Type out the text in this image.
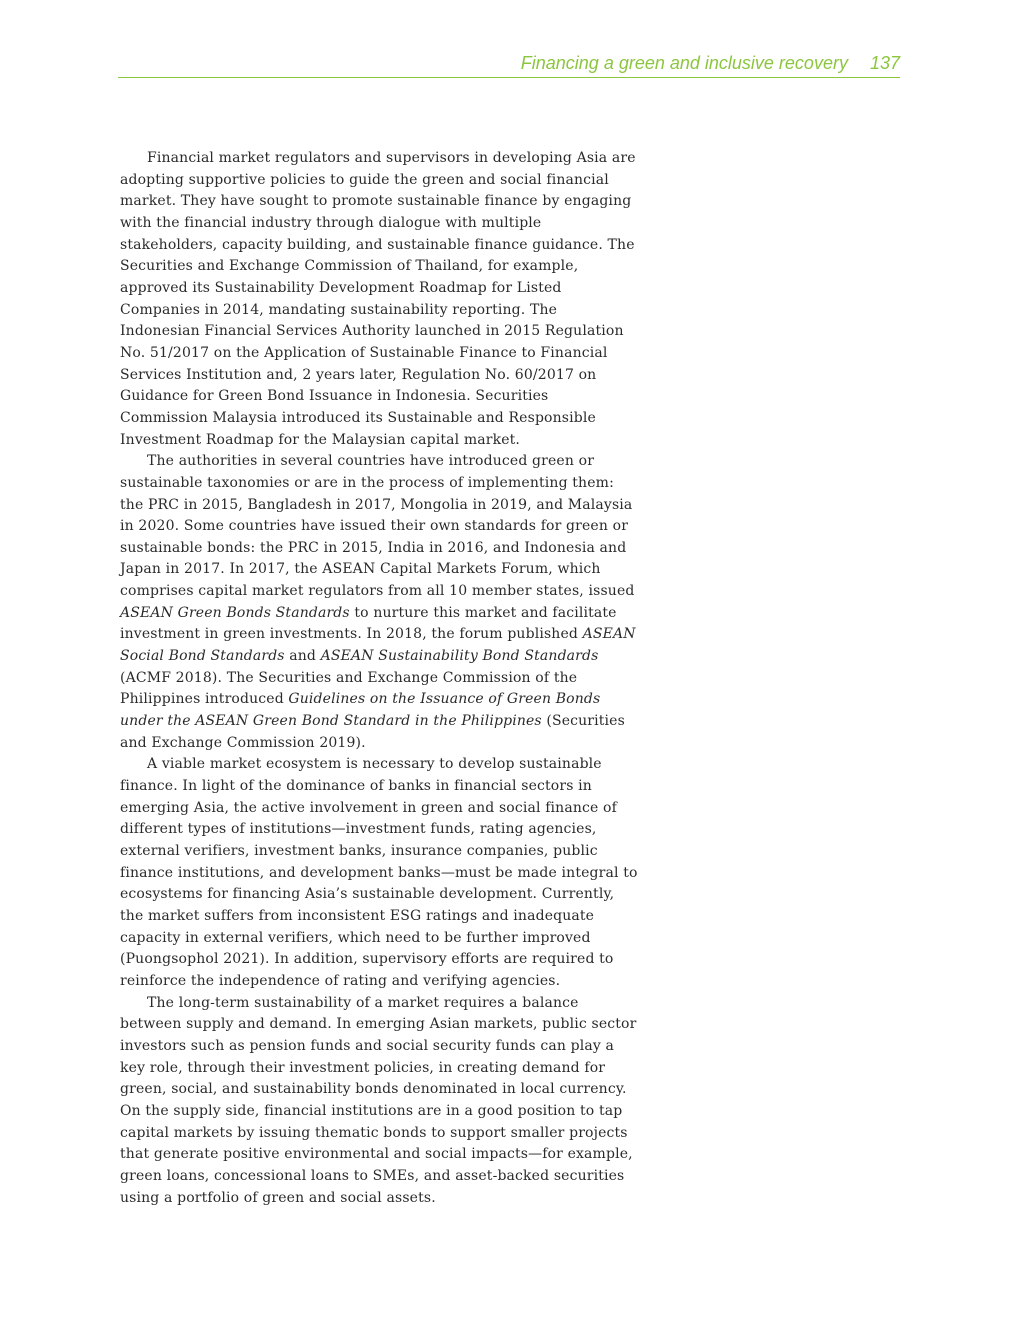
Financing a green and inclusive recovery 137

Financial market regulators and supervisors in developing Asia are adopting supportive policies to guide the green and social financial market. They have sought to promote sustainable finance by engaging with the financial industry through dialogue with multiple stakeholders, capacity building, and sustainable finance guidance. The Securities and Exchange Commission of Thailand, for example, approved its Sustainability Development Roadmap for Listed Companies in 2014, mandating sustainability reporting. The Indonesian Financial Services Authority launched in 2015 Regulation No. 51/2017 on the Application of Sustainable Finance to Financial Services Institution and, 2 years later, Regulation No. 60/2017 on Guidance for Green Bond Issuance in Indonesia. Securities Commission Malaysia introduced its Sustainable and Responsible Investment Roadmap for the Malaysian capital market.

The authorities in several countries have introduced green or sustainable taxonomies or are in the process of implementing them: the PRC in 2015, Bangladesh in 2017, Mongolia in 2019, and Malaysia in 2020. Some countries have issued their own standards for green or sustainable bonds: the PRC in 2015, India in 2016, and Indonesia and Japan in 2017. In 2017, the ASEAN Capital Markets Forum, which comprises capital market regulators from all 10 member states, issued ASEAN Green Bonds Standards to nurture this market and facilitate investment in green investments. In 2018, the forum published ASEAN Social Bond Standards and ASEAN Sustainability Bond Standards (ACMF 2018). The Securities and Exchange Commission of the Philippines introduced Guidelines on the Issuance of Green Bonds under the ASEAN Green Bond Standard in the Philippines (Securities and Exchange Commission 2019).

A viable market ecosystem is necessary to develop sustainable finance. In light of the dominance of banks in financial sectors in emerging Asia, the active involvement in green and social finance of different types of institutions—investment funds, rating agencies, external verifiers, investment banks, insurance companies, public finance institutions, and development banks—must be made integral to ecosystems for financing Asia’s sustainable development. Currently, the market suffers from inconsistent ESG ratings and inadequate capacity in external verifiers, which need to be further improved (Puongsophol 2021). In addition, supervisory efforts are required to reinforce the independence of rating and verifying agencies.

The long-term sustainability of a market requires a balance between supply and demand. In emerging Asian markets, public sector investors such as pension funds and social security funds can play a key role, through their investment policies, in creating demand for green, social, and sustainability bonds denominated in local currency. On the supply side, financial institutions are in a good position to tap capital markets by issuing thematic bonds to support smaller projects that generate positive environmental and social impacts—for example, green loans, concessional loans to SMEs, and asset-backed securities using a portfolio of green and social assets.
